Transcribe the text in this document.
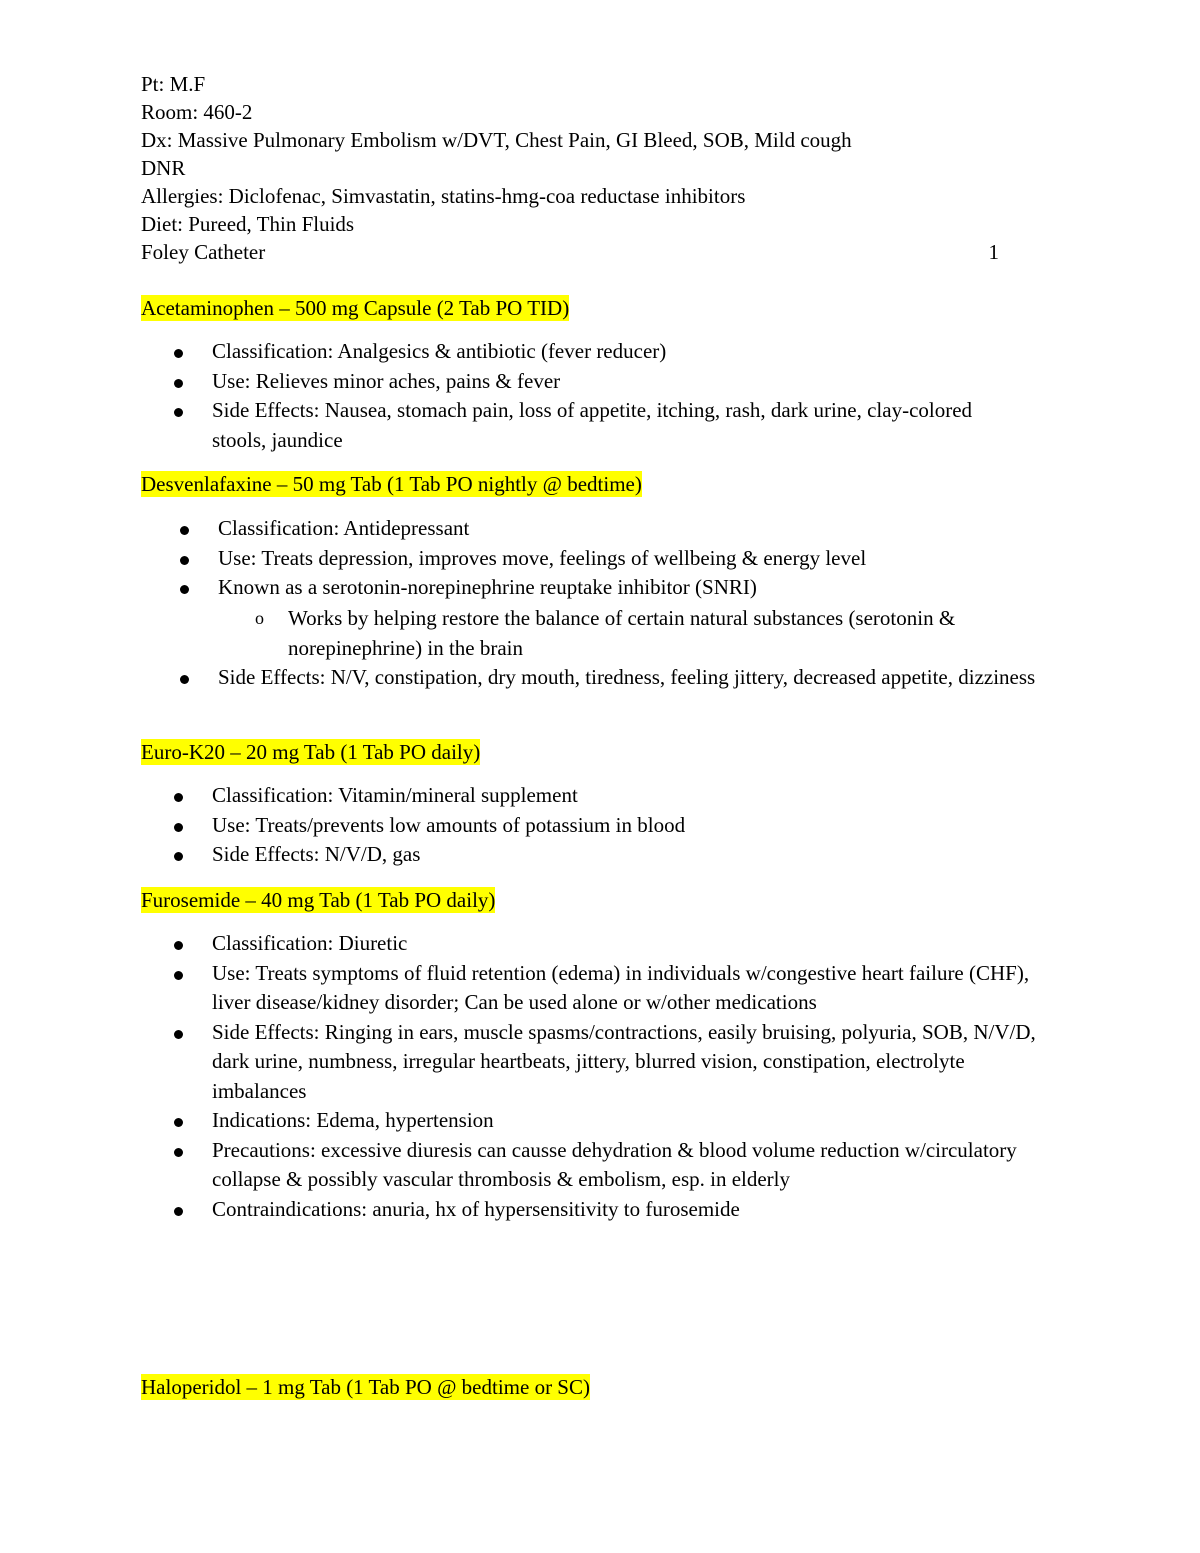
Pt: M.F
Room: 460-2
Dx: Massive Pulmonary Embolism w/DVT, Chest Pain, GI Bleed, SOB, Mild cough
DNR
Allergies: Diclofenac, Simvastatin, statins-hmg-coa reductase inhibitors
Diet: Pureed, Thin Fluids
Foley Catheter	1
Acetaminophen – 500 mg Capsule (2 Tab PO TID)
Classification: Analgesics & antibiotic (fever reducer)
Use: Relieves minor aches, pains & fever
Side Effects: Nausea, stomach pain, loss of appetite, itching, rash, dark urine, clay-colored stools, jaundice
Desvenlafaxine – 50 mg Tab (1 Tab PO nightly @ bedtime)
Classification: Antidepressant
Use: Treats depression, improves move, feelings of wellbeing & energy level
Known as a serotonin-norepinephrine reuptake inhibitor (SNRI)
o Works by helping restore the balance of certain natural substances (serotonin & norepinephrine) in the brain
Side Effects: N/V, constipation, dry mouth, tiredness, feeling jittery, decreased appetite, dizziness
Euro-K20 – 20 mg Tab (1 Tab PO daily)
Classification: Vitamin/mineral supplement
Use: Treats/prevents low amounts of potassium in blood
Side Effects: N/V/D, gas
Furosemide – 40 mg Tab (1 Tab PO daily)
Classification: Diuretic
Use: Treats symptoms of fluid retention (edema) in individuals w/congestive heart failure (CHF), liver disease/kidney disorder; Can be used alone or w/other medications
Side Effects: Ringing in ears, muscle spasms/contractions, easily bruising, polyuria, SOB, N/V/D, dark urine, numbness, irregular heartbeats, jittery, blurred vision, constipation, electrolyte imbalances
Indications: Edema, hypertension
Precautions: excessive diuresis can causse dehydration & blood volume reduction w/circulatory collapse & possibly vascular thrombosis & embolism, esp. in elderly
Contraindications: anuria, hx of hypersensitivity to furosemide
Haloperidol – 1 mg Tab (1 Tab PO @ bedtime or SC)
